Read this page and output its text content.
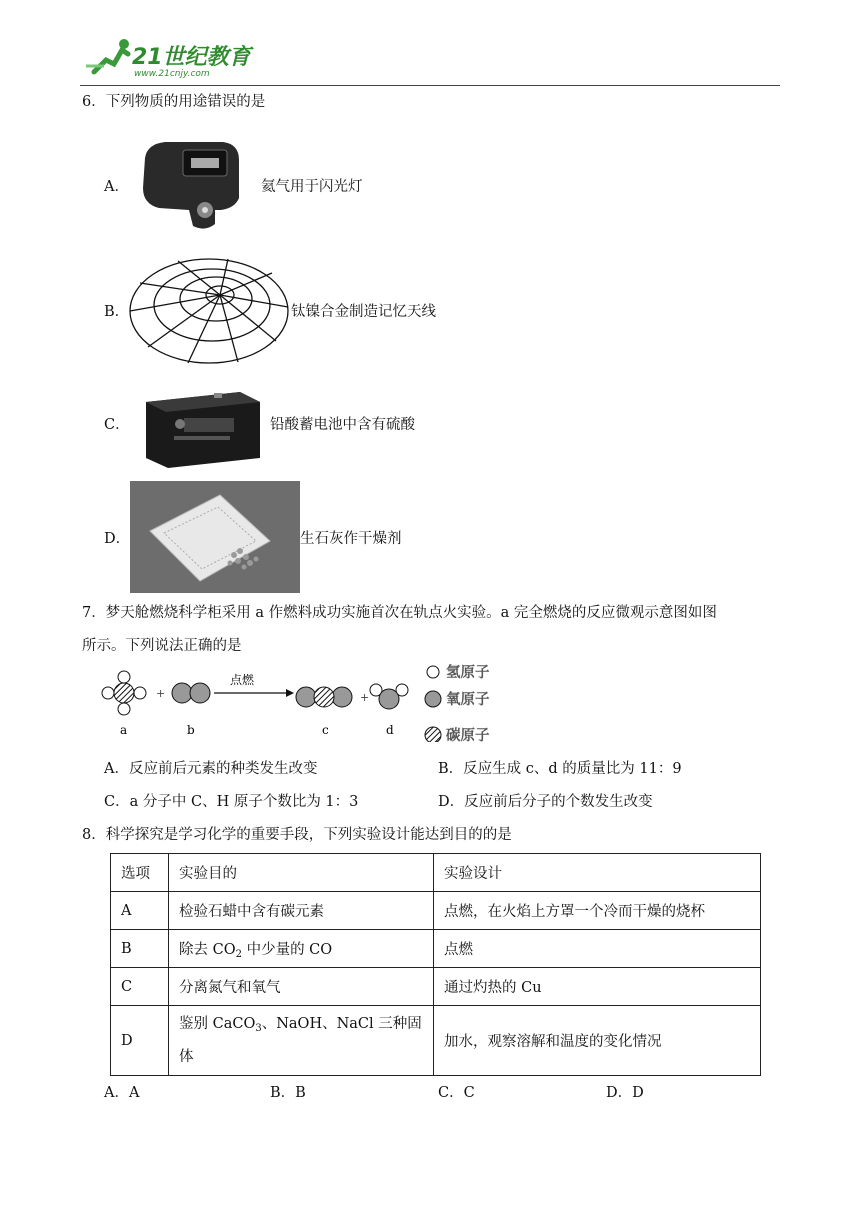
21世纪教育
www.21cnjy.com
6．下列物质的用途错误的是
A．	氦气用于闪光灯
B．	钛镍合金制造记忆天线
C．	铅酸蓄电池中含有硫酸
D．	生石灰作干燥剂
7．梦天舱燃烧科学柜采用 a 作燃料成功实施首次在轨点火实验。a 完全燃烧的反应微观示意图如图
所示。下列说法正确的是
+
点燃
+
a	b	c	d
氢原子
氧原子
碳原子
A．反应前后元素的种类发生改变	B．反应生成 c、d 的质量比为 11：9
C．a 分子中 C、H 原子个数比为 1：3	D．反应前后分子的个数发生改变
8．科学探究是学习化学的重要手段，下列实验设计能达到目的的是
选项	实验目的	实验设计
A	检验石蜡中含有碳元素	点燃，在火焰上方罩一个冷而干燥的烧杯
B	除去 $CO_2$ 中少量的 CO	点燃
C	分离氮气和氧气	通过灼热的 Cu
D	鉴别 CaCO$_3$、NaOH、NaCl 三种固
体	加水，观察溶解和温度的变化情况
A．A	B．B	C．C	D．D
